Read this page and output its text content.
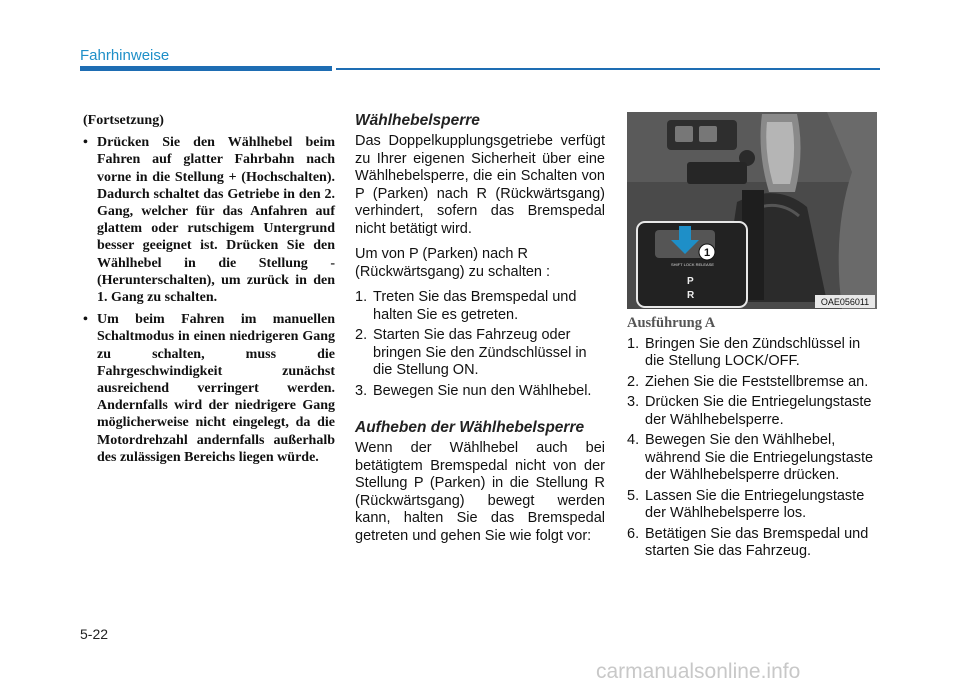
Fahrhinweise

(Fortsetzung)

• Drücken Sie den Wählhebel beim Fahren auf glatter Fahrbahn nach vorne in die Stellung + (Hochschalten). Dadurch schaltet das Getriebe in den 2. Gang, welcher für das Anfahren auf glattem oder rutschigem Untergrund besser geeignet ist. Drücken Sie den Wählhebel in die Stellung - (Herunterschalten), um zurück in den 1. Gang zu schalten.
• Um beim Fahren im manuellen Schaltmodus in einen niedrigeren Gang zu schalten, muss die Fahrgeschwindigkeit zunächst ausreichend verringert werden. Andernfalls wird der niedrigere Gang möglicherweise nicht eingelegt, da die Motordrehzahl andernfalls außerhalb des zulässigen Bereichs liegen würde.
Wählhebelsperre

Das Doppelkupplungsgetriebe verfügt zu Ihrer eigenen Sicherheit über eine Wählhebelsperre, die ein Schalten von P (Parken) nach R (Rückwärtsgang) verhindert, sofern das Bremspedal nicht betätigt wird.

Um von P (Parken) nach R (Rückwärtsgang) zu schalten :

1. Treten Sie das Bremspedal und halten Sie es getreten.
2. Starten Sie das Fahrzeug oder bringen Sie den Zündschlüssel in die Stellung ON.
3. Bewegen Sie nun den Wählhebel.
Aufheben der Wählhebelsperre

Wenn der Wählhebel auch bei betätigtem Bremspedal nicht von der Stellung P (Parken) in die Stellung R (Rückwärtsgang) bewegt werden kann, halten Sie das Bremspedal getreten und gehen Sie wie folgt vor:

1
SHIFT LOCK RELEASE
P
R
OAE056011

Ausführung A

1. Bringen Sie den Zündschlüssel in die Stellung LOCK/OFF.
2. Ziehen Sie die Feststellbremse an.
3. Drücken Sie die Entriegelungstaste der Wählhebelsperre.
4. Bewegen Sie den Wählhebel, während Sie die Entriegelungstaste der Wählhebelsperre drücken.
5. Lassen Sie die Entriegelungstaste der Wählhebelsperre los.
6. Betätigen Sie das Bremspedal und starten Sie das Fahrzeug.
5-22
carmanualsonline.info
